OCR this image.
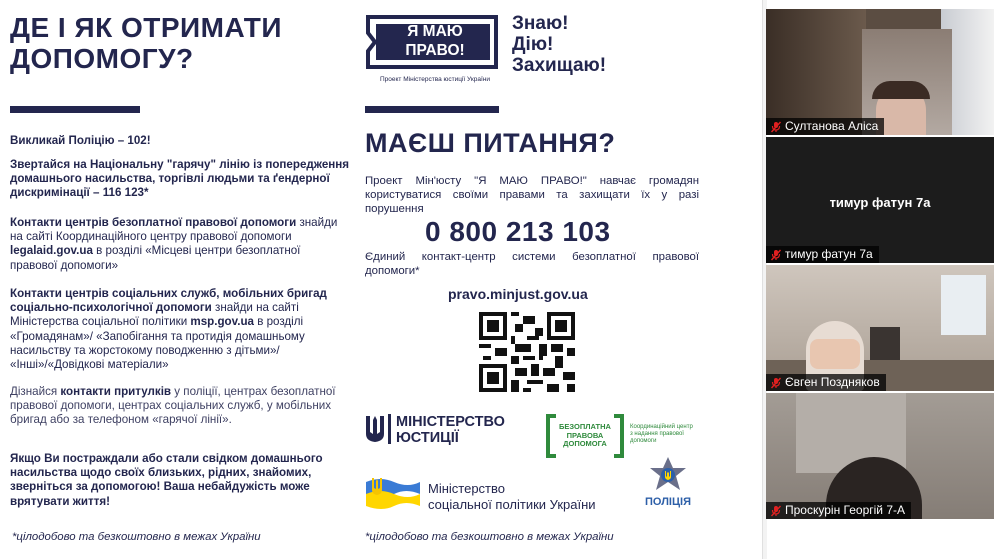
ДЕ І ЯК ОТРИМАТИ ДОПОМОГУ?
Викликай Поліцію – 102!
Звертайся на Національну "гарячу" лінію із попередження домашнього насильства, торгівлі людьми та ґендерної дискримінації – 116 123*
Контакти центрів безоплатної правової допомоги знайди на сайті Координаційного центру правової допомоги legalaid.gov.ua в розділі «Місцеві центри безоплатної правової допомоги»
Контакти центрів соціальних служб, мобільних бригад соціально-психологічної допомоги знайди на сайті Міністерства соціальної політики msp.gov.ua в розділі «Громадянам»/ «Запобігання та протидія домашньому насильству та жорстокому поводженню з дітьми»/ «Інші»/«Довідкові матеріали»
Дізнайся контакти притулків у поліції, центрах безоплатної правової допомоги, центрах соціальних служб, у мобільних бригад або за телефоном «гарячої лінії».
Якщо Ви постраждали або стали свідком домашнього насильства щодо своїх близьких, рідних, знайомих, зверніться за допомогою! Ваша небайдужість може врятувати життя!
*цілодобово та безкоштовно в межах України
Я МАЮ ПРАВО!
Проект Міністерства юстиції України
Знаю!
Дію!
Захищаю!
МАЄШ ПИТАННЯ?
Проект Мін'юсту "Я МАЮ ПРАВО!" навчає громадян користуватися своїми правами та захищати їх у разі порушення
0 800 213 103
Єдиний контакт-центр системи безоплатної правової допомоги*
pravo.minjust.gov.ua
МІНІСТЕРСТВО
ЮСТИЦІЇ
БЕЗОПЛАТНА
ПРАВОВА
ДОПОМОГА
Координаційний центр з надання правової допомоги
Міністерство
соціальної політики України	ПОЛІЦІЯ
*цілодобово та безкоштовно в межах України
Султанова Аліса
тимур фатун 7а
тимур фатун 7а
Євген Поздняков
Проскурін Георгій 7-А
